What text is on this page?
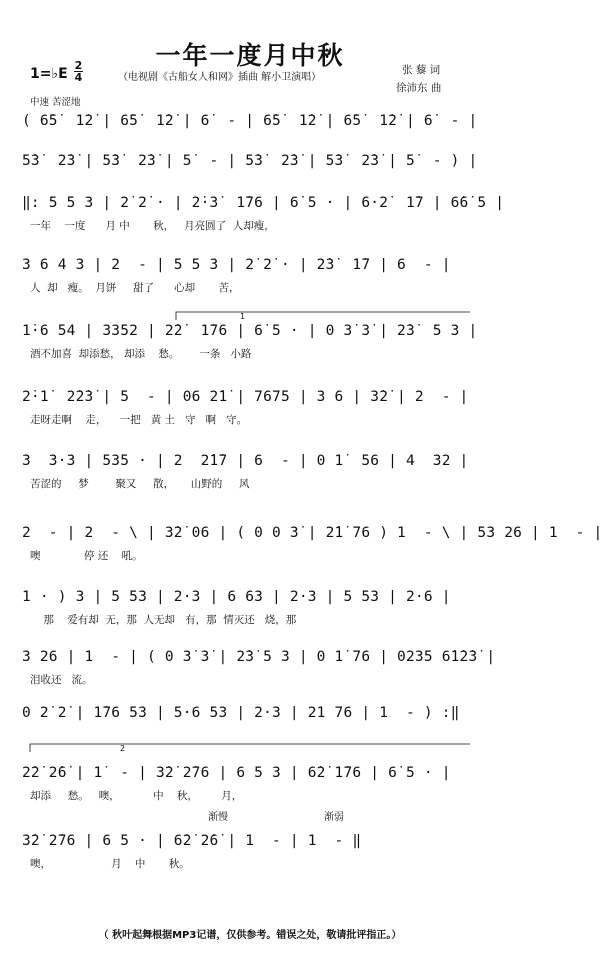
一年一度月中秋
（电视剧《古船女人和网》插曲 解小卫演唱）
张 藜 词
徐沛东 曲
1=♭E
2
4
中速 苦涩地
( 6̇5̇  1̇2̇ | 6̇5̇  1̇2̇ | 6̇  - | 6̇5̇  1̇2̇ | 6̇5̇  1̇2̇ | 6̇  - |
5̇3̇  2̇3̇ | 5̇3̇  2̇3̇ | 5̇  - | 5̇3̇  2̇3̇ | 5̇3̇  2̇3̇ | 5̇  - ) |
‖: 5 5 3 | 2̇ 2̇ · | 2̇·3̇  1̇76 | 6̇ 5 · | 6·2̇  1̇7 | 6̇6̇ 5 |
一年    一度      月 中       秋，   月亮圆了  人却瘦，
3 6 4 3 | 2  - | 5 5 3 | 2̇ 2̇ · | 2̇3̇  1̇7 | 6  - |
人  却   瘦。  月饼     甜了      心却       苦，
1̇·6 54 | 3352 | 2̇2̇  1̇76 | 6̇ 5 · | 0 3̇ 3̇ | 2̇3̇  5 3 |
酒不加喜  却添愁， 却添    愁。      一条   小路
1
2̇·1̇  2̇2̇3̇ | 5  - | 06 2̇1̇ | 7675 | 3 6 | 3̇2̇ | 2  - |
走呀走啊    走，    一把   黄 土   守   啊   守。
3  3·3 | 535 · | 2  2̇1̇7 | 6  - | 0 1̇  56 | 4  32 |
苦涩的     梦        聚又     散，     山野的     风
2  - | 2  - \ | 3̇2̇ 06 | ( 0 0 3̇ | 2̇1̇ 76 ) 1  - \ | 53 26 | 1  - |
噢             停 还    吼。
1 · ) 3 | 5 53 | 2·3 | 6 63 | 2·3 | 5 53 | 2·6 |
那    爱有却  无，那  人无却   有，那  情灭还   烧，那
3 26 | 1  - | ( 0 3̇ 3̇ | 2̇3̇ 5 3 | 0 1̇ 76 | 0235 6̇1̇2̇3̇ |
泪收还   流。
0 2̇ 2̇ | 1̇76 53 | 5·6 53 | 2·3 | 21 76 | 1  - ) :‖
2̇2̇ 2̇6̇ | 1̇  - | 3̇2̇ 2̇76 | 6 5 3 | 6̇2̇ 1̇76 | 6̇ 5 · |
却添     愁。   噢，          中    秋，       月，
2
3̇2̇ 2̇76 | 6 5 · | 6̇2̇ 2̇6̇ | 1  - | 1  - ‖
噢，                  月    中       秋。
渐慢	渐弱
（ 秋叶起舞根据MP3记谱，仅供参考。错误之处，敬请批评指正。）
